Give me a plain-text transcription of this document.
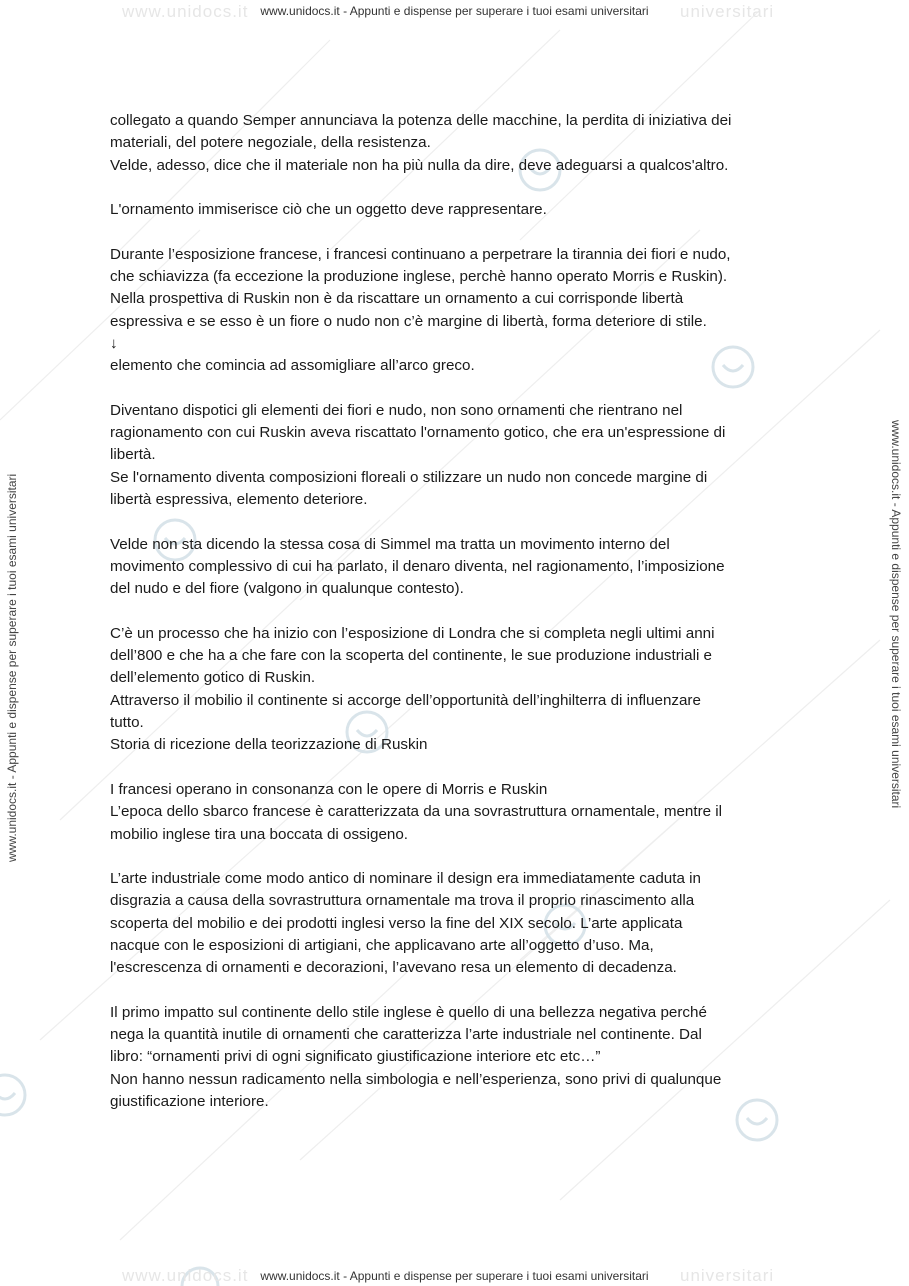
www.unidocs.it	universitari
www.unidocs.it - Appunti e dispense per superare i tuoi esami universitari
www.unidocs.it - Appunti e dispense per superare i tuoi esami universitari	www.unidocs.it - Appunti e dispense per superare i tuoi esami universitari
www.unidocs.it	universitari
www.unidocs.it - Appunti e dispense per superare i tuoi esami universitari
collegato a quando Semper annunciava la potenza delle macchine, la perdita di iniziativa dei
materiali, del potere negoziale, della resistenza.
Velde, adesso, dice che il materiale non ha più nulla da dire, deve adeguarsi a qualcos'altro.
L'ornamento immiserisce ciò che un oggetto deve rappresentare.
Durante l’esposizione francese, i francesi continuano a perpetrare la tirannia dei fiori e nudo,
che schiavizza (fa eccezione la produzione inglese, perchè hanno operato Morris e Ruskin).
Nella prospettiva di Ruskin non è da riscattare un ornamento a cui corrisponde libertà
espressiva e se esso è un fiore o nudo non c’è margine di libertà, forma deteriore di stile.
↓
elemento che comincia ad assomigliare all’arco greco.
Diventano dispotici gli elementi dei fiori e nudo, non sono ornamenti che rientrano nel
ragionamento con cui Ruskin aveva riscattato l'ornamento gotico, che era un'espressione di
libertà.
Se l'ornamento diventa composizioni floreali o stilizzare un nudo non concede margine di
libertà espressiva, elemento deteriore.
Velde non sta dicendo la stessa cosa di Simmel ma tratta un movimento interno del
movimento complessivo di cui ha parlato, il denaro diventa, nel ragionamento, l’imposizione
del nudo e del fiore (valgono in qualunque contesto).
C’è un processo che ha inizio con l’esposizione di Londra che si completa negli ultimi anni
dell’800 e che ha a che fare con la scoperta del continente, le sue produzione industriali e
dell’elemento gotico di Ruskin.
Attraverso il mobilio il continente si accorge dell’opportunità dell’inghilterra di influenzare
tutto.
Storia di ricezione della teorizzazione di Ruskin
I francesi operano in consonanza con le opere di Morris e Ruskin
L’epoca dello sbarco francese è caratterizzata da una sovrastruttura ornamentale, mentre il
mobilio inglese tira una boccata di ossigeno.
L’arte industriale come modo antico di nominare il design era immediatamente caduta in
disgrazia a causa della sovrastruttura ornamentale ma trova il proprio rinascimento alla
scoperta del mobilio e dei prodotti inglesi verso la fine del XIX secolo. L’arte applicata
nacque con le esposizioni di artigiani, che applicavano arte all’oggetto d’uso. Ma,
l'escrescenza di ornamenti e decorazioni, l’avevano resa un elemento di decadenza.
Il primo impatto sul continente dello stile inglese è quello di una bellezza negativa perché
nega la quantità inutile di ornamenti che caratterizza l’arte industriale nel continente. Dal
libro: “ornamenti privi di ogni significato giustificazione interiore etc etc…”
Non hanno nessun radicamento nella simbologia e nell’esperienza, sono privi di qualunque
giustificazione interiore.
